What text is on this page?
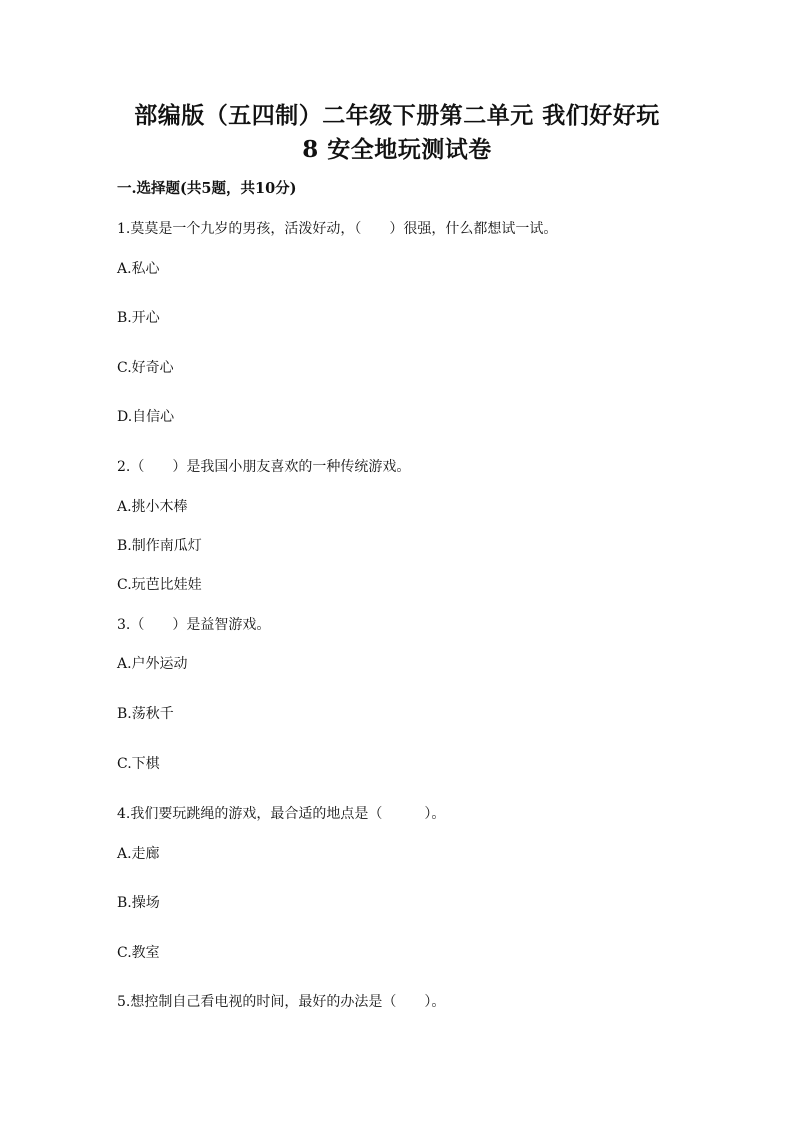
部编版（五四制）二年级下册第二单元 我们好好玩
8 安全地玩测试卷

一.选择题(共5题，共10分)

1.莫莫是一个九岁的男孩，活泼好动，（　　）很强，什么都想试一试。

A.私心

B.开心

C.好奇心

D.自信心

2.（　　）是我国小朋友喜欢的一种传统游戏。

A.挑小木棒

B.制作南瓜灯

C.玩芭比娃娃

3.（　　）是益智游戏。

A.户外运动

B.荡秋千

C.下棋

4.我们要玩跳绳的游戏，最合适的地点是（　　　）。

A.走廊

B.操场

C.教室

5.想控制自己看电视的时间，最好的办法是（　　）。
